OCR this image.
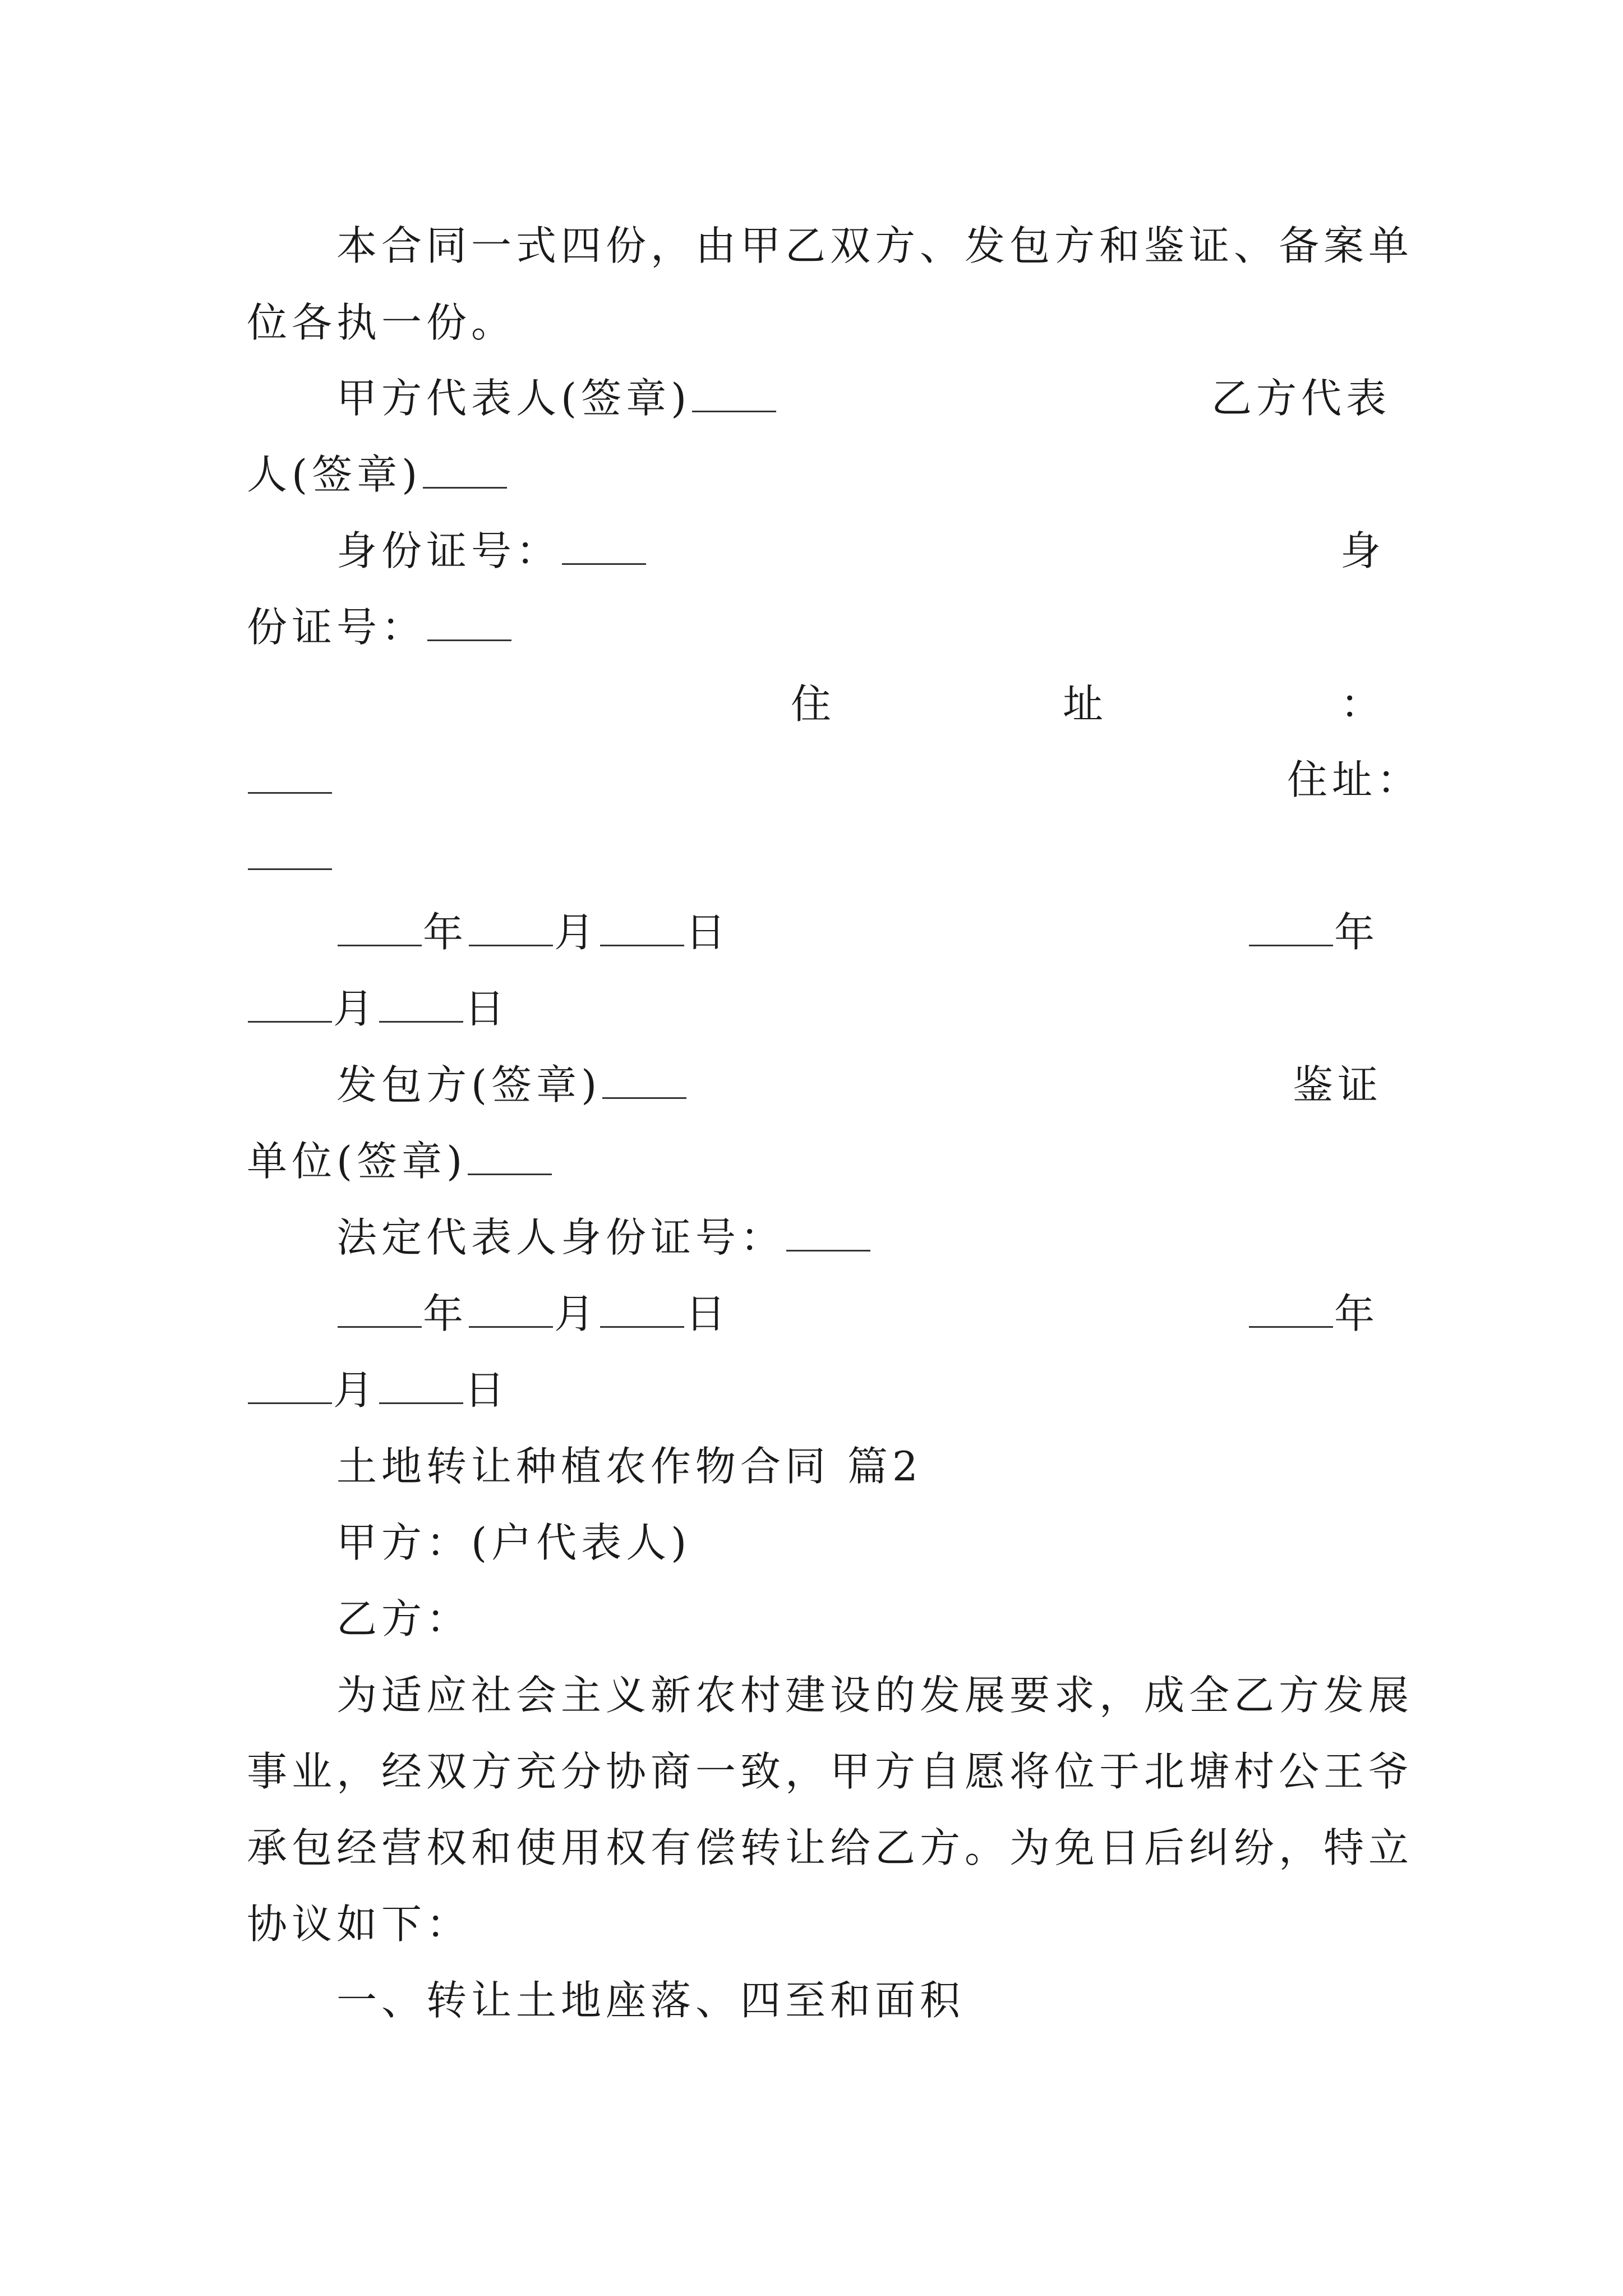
本合同一式四份，由甲乙双方、发包方和鉴证、备案单
位各执一份。
甲方代表人(签章)	乙方代表
人(签章)
身份证号：	身
份证号：
住	址	：
住址：
年 月 日	年
月 日
发包方(签章)	鉴证
单位(签章)
法定代表人身份证号：
年 月 日	年
月 日
土地转让种植农作物合同 篇2
甲方：(户代表人)
乙方：
为适应社会主义新农村建设的发展要求，成全乙方发展
事业，经双方充分协商一致，甲方自愿将位于北塘村公王爷
承包经营权和使用权有偿转让给乙方。为免日后纠纷，特立
协议如下：
一、转让土地座落、四至和面积
